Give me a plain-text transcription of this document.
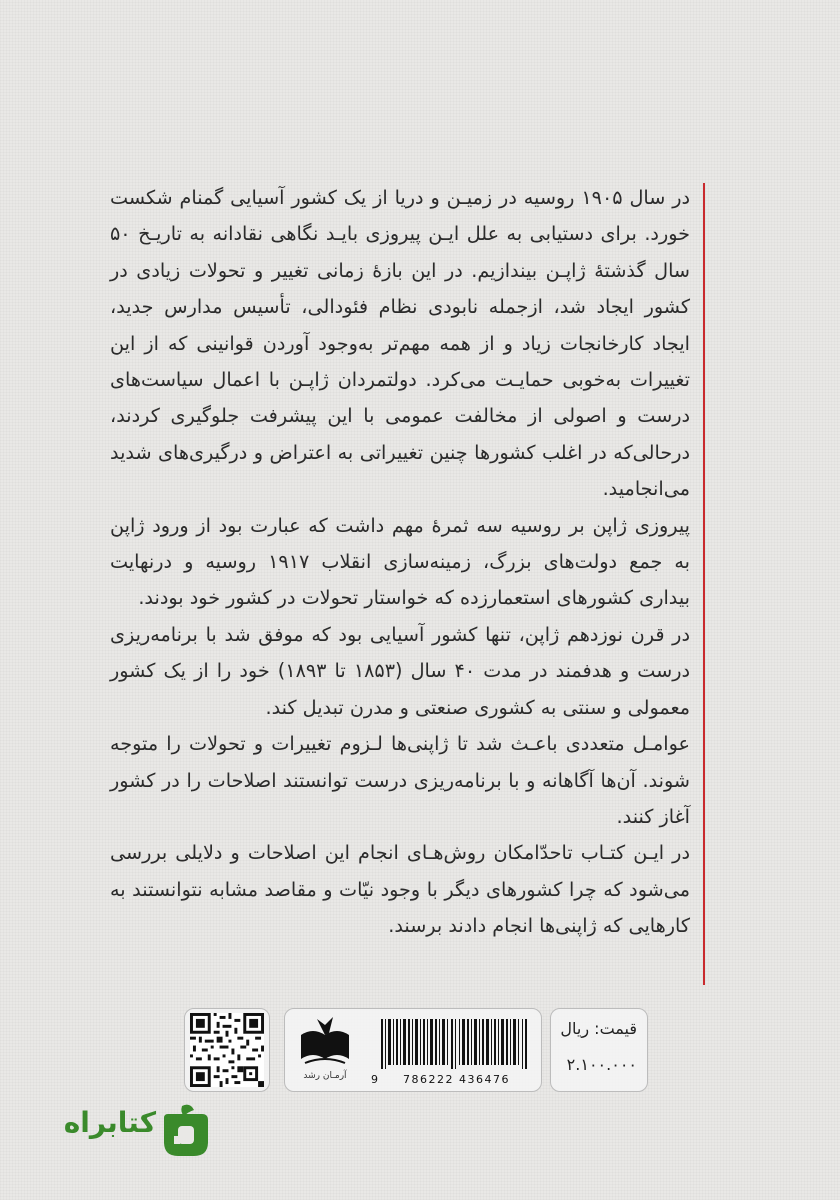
در سال ۱۹۰۵ روسیه در زمیـن و دریا از یک کشور آسیایی گمنام شکست خورد. برای دستیابی به علل ایـن پیروزی بایـد نگاهی نقادانه به تاریـخ ۵۰ سال گذشتهٔ ژاپـن بیندازیم. در این بازهٔ زمانی تغییر و تحولات زیادی در کشور ایجاد شد، ازجمله نابودی نظام فئودالی، تأسیس مدارس جدید، ایجاد کارخانجات زیاد و از همه مهم‌تر به‌وجود آوردن قوانینی که از این تغییرات به‌خوبی حمایـت می‌کرد. دولتمردان ژاپـن با اعمال سیاست‌های درست و اصولی از مخالفت عمومی با این پیشرفت جلوگیری کردند، درحالی‌که در اغلب کشورها چنین تغییراتی به اعتراض و درگیری‌های شدید می‌انجامید.

پیروزی ژاپن بر روسیه سه ثمرهٔ مهم داشت که عبارت بود از ورود ژاپن به جمع دولت‌های بزرگ، زمینه‌سازی انقلاب ۱۹۱۷ روسیه و درنهایت بیداری کشورهای استعمارزده که خواستار تحولات در کشور خود بودند.

در قرن نوزدهم ژاپن، تنها کشور آسیایی بود که موفق شد با برنامه‌ریزی درست و هدفمند در مدت ۴۰ سال (۱۸۵۳ تا ۱۸۹۳) خود را از یک کشور معمولی و سنتی به کشوری صنعتی و مدرن تبدیل کند.

عوامـل متعددی باعـث شد تا ژاپنی‌ها لـزوم تغییرات و تحولات را متوجه شوند. آن‌ها آگاهانه و با برنامه‌ریزی درست توانستند اصلاحات را در کشور آغاز کنند.

در ایـن کتـاب تاحدّامکان روش‌هـای انجام این اصلاحات و دلایلی بررسی می‌شود که چرا کشورهای دیگر با وجود نیّات و مقاصد مشابه نتوانستند به کارهایی که ژاپنی‌ها انجام دادند برسند.

قیمت: ریال
۲.۱۰۰.۰۰۰
آرمـان رشد	9 786222 436476
کتابراه
